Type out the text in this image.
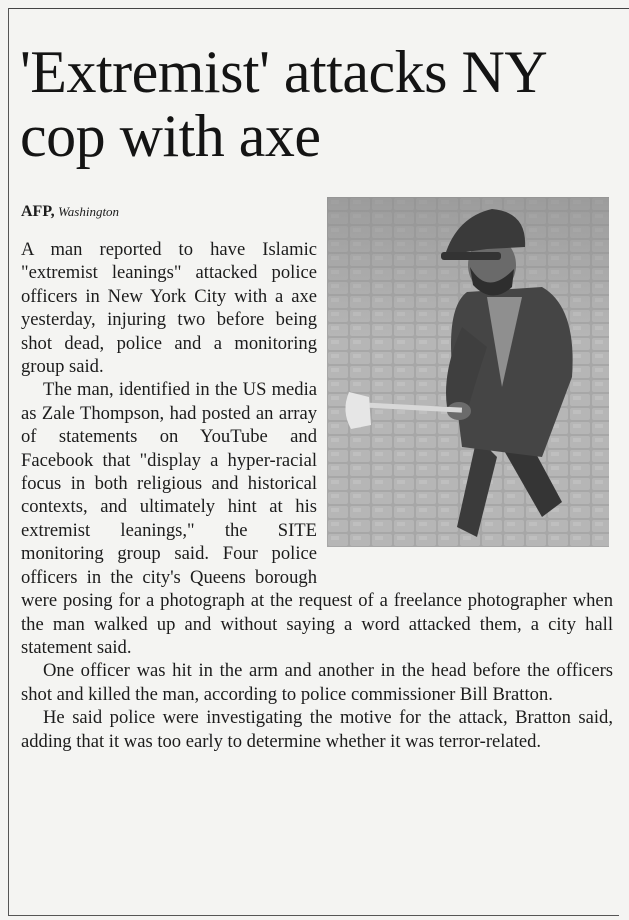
'Extremist' attacks NY cop with axe
AFP, Washington

A man reported to have Islamic "extremist leanings" attacked police officers in New York City with a axe yesterday, injuring two before being shot dead, police and a monitoring group said.

The man, identified in the US media as Zale Thompson, had posted an array of statements on YouTube and Facebook that "display a hyper-racial focus in both religious and historical contexts, and ultimately hint at his extremist leanings," the SITE monitoring group said. Four police officers in the city's Queens borough were posing for a photograph at the request of a freelance photographer when the man walked up and without saying a word attacked them, a city hall statement said.

One officer was hit in the arm and another in the head before the officers shot and killed the man, according to police commissioner Bill Bratton.

He said police were investigating the motive for the attack, Bratton said, adding that it was too early to determine whether it was terror-related.
